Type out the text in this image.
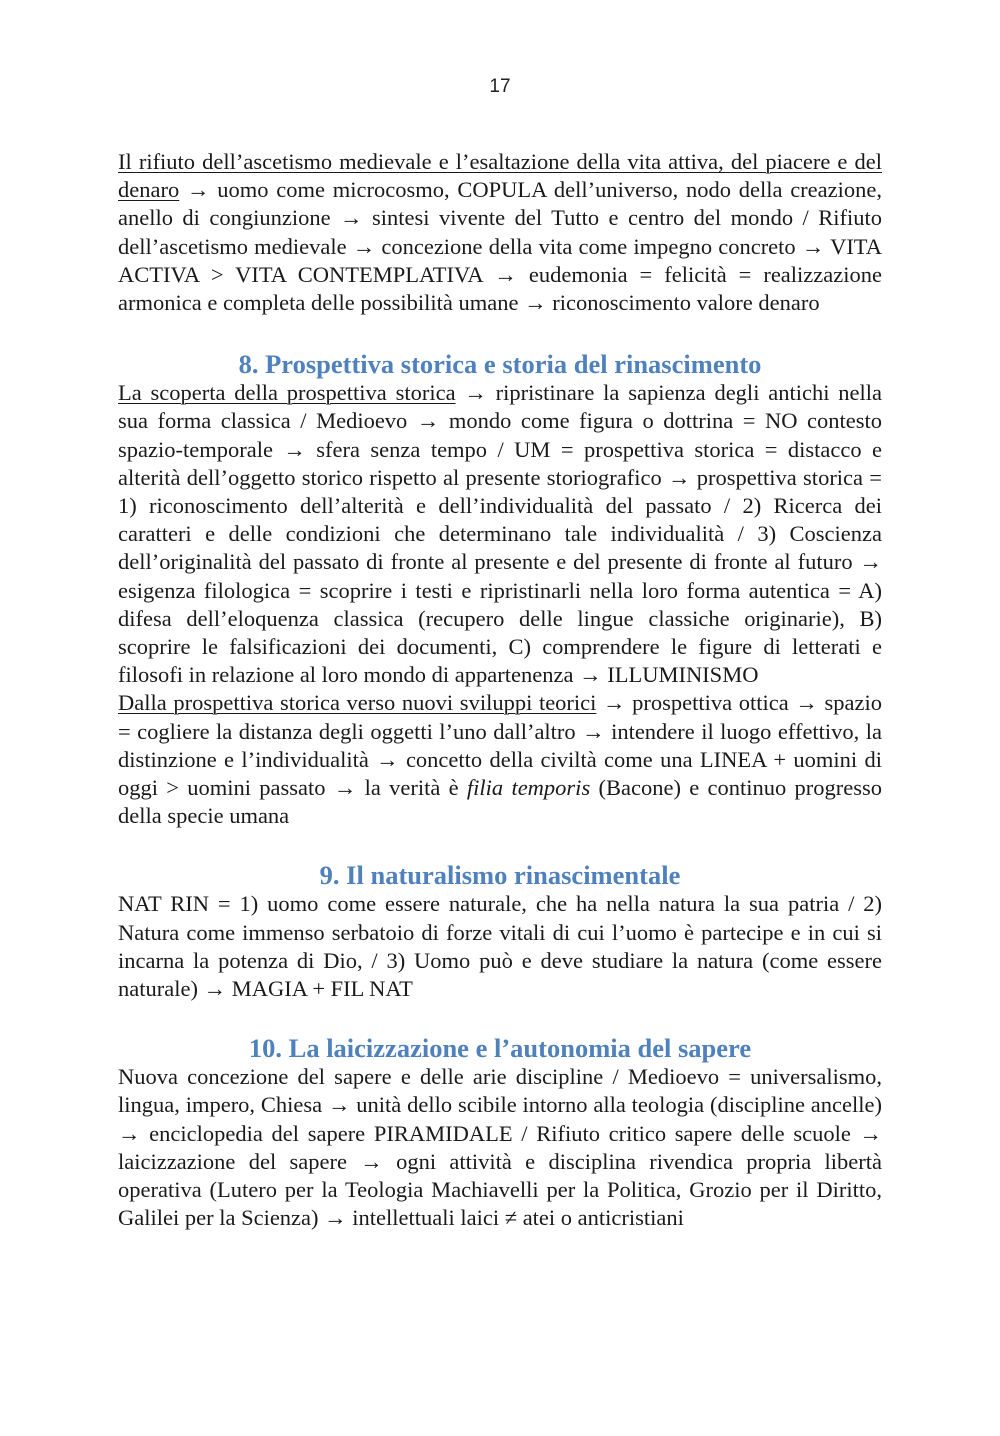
17

Il rifiuto dell’ascetismo medievale e l’esaltazione della vita attiva, del piacere e del denaro → uomo come microcosmo, COPULA dell’universo, nodo della creazione, anello di congiunzione → sintesi vivente del Tutto e centro del mondo / Rifiuto dell’ascetismo medievale → concezione della vita come impegno concreto → VITA ACTIVA > VITA CONTEMPLATIVA → eudemonia = felicità = realizzazione armonica e completa delle possibilità umane → riconoscimento valore denaro

8. Prospettiva storica e storia del rinascimento

La scoperta della prospettiva storica → ripristinare la sapienza degli antichi nella sua forma classica / Medioevo → mondo come figura o dottrina = NO contesto spazio-temporale → sfera senza tempo / UM = prospettiva storica = distacco e alterità dell’oggetto storico rispetto al presente storiografico → prospettiva storica = 1) riconoscimento dell’alterità e dell’individualità del passato / 2) Ricerca dei caratteri e delle condizioni che determinano tale individualità / 3) Coscienza dell’originalità del passato di fronte al presente e del presente di fronte al futuro → esigenza filologica = scoprire i testi e ripristinarli nella loro forma autentica = A) difesa dell’eloquenza classica (recupero delle lingue classiche originarie), B) scoprire le falsificazioni dei documenti, C) comprendere le figure di letterati e filosofi in relazione al loro mondo di appartenenza → ILLUMINISMO

Dalla prospettiva storica verso nuovi sviluppi teorici → prospettiva ottica → spazio = cogliere la distanza degli oggetti l’uno dall’altro → intendere il luogo effettivo, la distinzione e l’individualità → concetto della civiltà come una LINEA + uomini di oggi > uomini passato → la verità è filia temporis (Bacone) e continuo progresso della specie umana

9. Il naturalismo rinascimentale

NAT RIN = 1) uomo come essere naturale, che ha nella natura la sua patria / 2) Natura come immenso serbatoio di forze vitali di cui l’uomo è partecipe e in cui si incarna la potenza di Dio, / 3) Uomo può e deve studiare la natura (come essere naturale) → MAGIA + FIL NAT

10. La laicizzazione e l’autonomia del sapere

Nuova concezione del sapere e delle arie discipline / Medioevo = universalismo, lingua, impero, Chiesa → unità dello scibile intorno alla teologia (discipline ancelle) → enciclopedia del sapere PIRAMIDALE / Rifiuto critico sapere delle scuole → laicizzazione del sapere → ogni attività e disciplina rivendica propria libertà operativa (Lutero per la Teologia Machiavelli per la Politica, Grozio per il Diritto, Galilei per la Scienza) → intellettuali laici ≠ atei o anticristiani
